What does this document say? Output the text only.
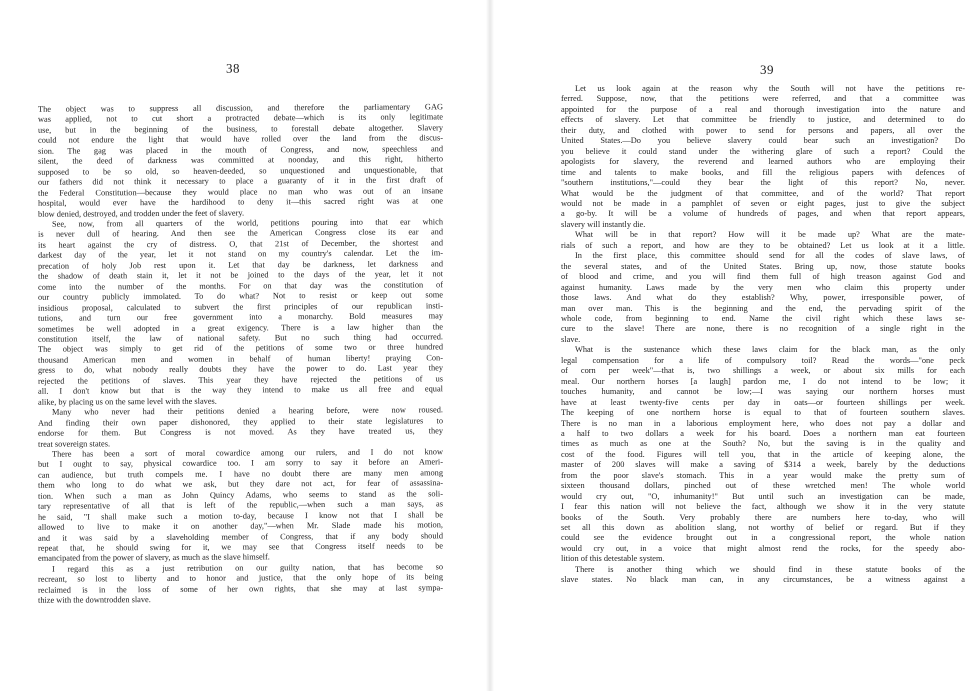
38
The object was to suppress all discussion, and therefore the parliamentary GAG
was applied, not to cut short a protracted debate—which is its only legitimate
use, but in the beginning of the business, to forestall debate altogether. Slavery
could not endure the light that would have rolled over the land from the discus-
sion. The gag was placed in the mouth of Congress, and now, speechless and
silent, the deed of darkness was committed at noonday, and this right, hitherto
supposed to be so old, so heaven-deeded, so unquestioned and unquestionable, that
our fathers did not think it necessary to place a guaranty of it in the first draft of
the Federal Constitution—because they would place no man who was out of an insane
hospital, would ever have the hardihood to deny it—this sacred right was at one
blow denied, destroyed, and trodden under the feet of slavery.
See, now, from all quarters of the world, petitions pouring into that ear which
is never dull of hearing. And then see the American Congress close its ear and
its heart against the cry of distress. O, that 21st of December, the shortest and
darkest day of the year, let it not stand on my country's calendar. Let the im-
precation of holy Job rest upon it. Let that day be darkness, let darkness and
the shadow of death stain it, let it not be joined to the days of the year, let it not
come into the number of the months. For on that day was the constitution of
our country publicly immolated. To do what? Not to resist or keep out some
insidious proposal, calculated to subvert the first principles of our republican insti-
tutions, and turn our free government into a monarchy. Bold measures may
sometimes be well adopted in a great exigency. There is a law higher than the
constitution itself, the law of national safety. But no such thing had occurred.
The object was simply to get rid of the petitions of some two or three hundred
thousand American men and women in behalf of human liberty! praying Con-
gress to do, what nobody really doubts they have the power to do. Last year they
rejected the petitions of slaves. This year they have rejected the petitions of us
all. I don't know but that is the way they intend to make us all free and equal
alike, by placing us on the same level with the slaves.
Many who never had their petitions denied a hearing before, were now roused.
And finding their own paper dishonored, they applied to their state legislatures to
endorse for them. But Congress is not moved. As they have treated us, they
treat sovereign states.
There has been a sort of moral cowardice among our rulers, and I do not know
but I ought to say, physical cowardice too. I am sorry to say it before an Ameri-
can audience, but truth compels me. I have no doubt there are many men among
them who long to do what we ask, but they dare not act, for fear of assassina-
tion. When such a man as John Quincy Adams, who seems to stand as the soli-
tary representative of all that is left of the republic,—when such a man says, as
he said, "I shall make such a motion to-day, because I know not that I shall be
allowed to live to make it on another day,"—when Mr. Slade made his motion,
and it was said by a slaveholding member of Congress, that if any body should
repeat that, he should swing for it, we may see that Congress itself needs to be
emancipated from the power of slavery, as much as the slave himself.
I regard this as a just retribution on our guilty nation, that has become so
recreant, so lost to liberty and to honor and justice, that the only hope of its being
reclaimed is in the loss of some of her own rights, that she may at last sympa-
thize with the downtrodden slave.
39
Let us look again at the reason why the South will not have the petitions re-
ferred. Suppose, now, that the petitions were referred, and that a committee was
appointed for the purpose of a real and thorough investigation into the nature and
effects of slavery. Let that committee be friendly to justice, and determined to do
their duty, and clothed with power to send for persons and papers, all over the
United States.—Do you believe slavery could bear such an investigation? Do
you believe it could stand under the withering glare of such a report? Could the
apologists for slavery, the reverend and learned authors who are employing their
time and talents to make books, and fill the religious papers with defences of
"southern institutions,"—could they bear the light of this report? No, never.
What would be the judgment of that committee, and of the world? That report
would not be made in a pamphlet of seven or eight pages, just to give the subject
a go-by. It will be a volume of hundreds of pages, and when that report appears,
slavery will instantly die.
What will be in that report? How will it be made up? What are the mate-
rials of such a report, and how are they to be obtained? Let us look at it a little.
In the first place, this committee should send for all the codes of slave laws, of
the several states, and of the United States. Bring up, now, those statute books
of blood and crime, and you will find them full of high treason against God and
against humanity. Laws made by the very men who claim this property under
those laws. And what do they establish? Why, power, irresponsible power, of
man over man. This is the beginning and the end, the pervading spirit of the
whole code, from beginning to end. Name the civil right which these laws se-
cure to the slave! There are none, there is no recognition of a single right in the
slave.
What is the sustenance which these laws claim for the black man, as the only
legal compensation for a life of compulsory toil? Read the words—"one peck
of corn per week"—that is, two shillings a week, or about six mills for each
meal. Our northern horses [a laugh] pardon me, I do not intend to be low; it
touches humanity, and cannot be low;—I was saying our northern horses must
have at least twenty-five cents per day in oats—or fourteen shillings per week.
The keeping of one northern horse is equal to that of fourteen southern slaves.
There is no man in a laborious employment here, who does not pay a dollar and
a half to two dollars a week for his board. Does a northern man eat fourteen
times as much as one at the South? No, but the saving is in the quality and
cost of the food. Figures will tell you, that in the article of keeping alone, the
master of 200 slaves will make a saving of $314 a week, barely by the deductions
from the poor slave's stomach. This in a year would make the pretty sum of
sixteen thousand dollars, pinched out of these wretched men! The whole world
would cry out, "O, inhumanity!" But until such an investigation can be made,
I fear this nation will not believe the fact, although we show it in the very statute
books of the South. Very probably there are numbers here to-day, who will
set all this down as abolition slang, not worthy of belief or regard. But if they
could see the evidence brought out in a congressional report, the whole nation
would cry out, in a voice that might almost rend the rocks, for the speedy abo-
lition of this detestable system.
There is another thing which we should find in these statute books of the
slave states. No black man can, in any circumstances, be a witness against a
